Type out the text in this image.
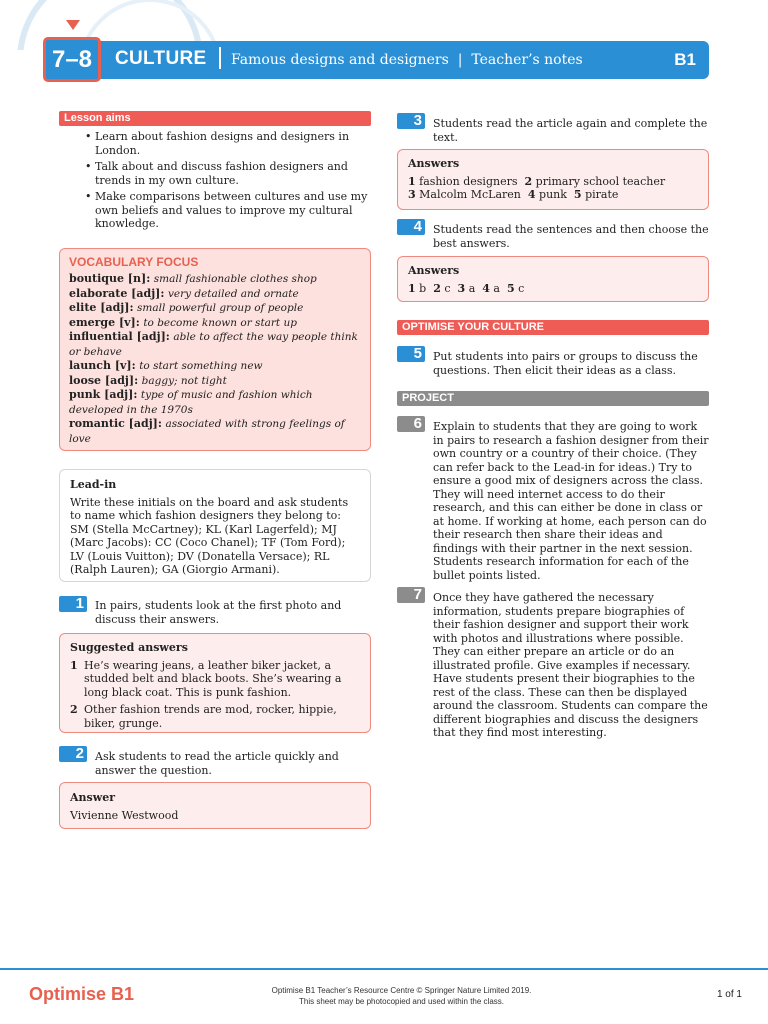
7–8	CULTURE Famous designs and designers  |  Teacher’s notes	B1
Lesson aims
• Learn about fashion designs and designers in London.
• Talk about and discuss fashion designers and trends in my own culture.
• Make comparisons between cultures and use my own beliefs and values to improve my cultural knowledge.
VOCABULARY FOCUS
boutique [n]: small fashionable clothes shop
elaborate [adj]: very detailed and ornate
elite [adj]: small powerful group of people
emerge [v]: to become known or start up
influential [adj]: able to affect the way people think or behave
launch [v]: to start something new
loose [adj]: baggy; not tight
punk [adj]: type of music and fashion which developed in the 1970s
romantic [adj]: associated with strong feelings of love
Lead-in
Write these initials on the board and ask students to name which fashion designers they belong to: SM (Stella McCartney); KL (Karl Lagerfeld); MJ (Marc Jacobs): CC (Coco Chanel); TF (Tom Ford); LV (Louis Vuitton); DV (Donatella Versace); RL (Ralph Lauren); GA (Giorgio Armani).
1 In pairs, students look at the first photo and discuss their answers.
Suggested answers
1 He’s wearing jeans, a leather biker jacket, a studded belt and black boots. She’s wearing a long black coat. This is punk fashion.
2 Other fashion trends are mod, rocker, hippie, biker, grunge.
2 Ask students to read the article quickly and answer the question.
Answer
Vivienne Westwood
3 Students read the article again and complete the text.
Answers
1 fashion designers 2 primary school teacher
3 Malcolm McLaren 4 punk 5 pirate
4 Students read the sentences and then choose the best answers.
Answers
1 b 2 c 3 a 4 a 5 c
OPTIMISE YOUR CULTURE
5 Put students into pairs or groups to discuss the questions. Then elicit their ideas as a class.
PROJECT
6 Explain to students that they are going to work in pairs to research a fashion designer from their own country or a country of their choice. (They can refer back to the Lead-in for ideas.) Try to ensure a good mix of designers across the class. They will need internet access to do their research, and this can either be done in class or at home. If working at home, each person can do their research then share their ideas and findings with their partner in the next session. Students research information for each of the bullet points listed.
7 Once they have gathered the necessary information, students prepare biographies of their fashion designer and support their work with photos and illustrations where possible. They can either prepare an article or do an illustrated profile. Give examples if necessary. Have students present their biographies to the rest of the class. These can then be displayed around the classroom. Students can compare the different biographies and discuss the designers that they find most interesting.
Optimise B1	Optimise B1 Teacher’s Resource Centre © Springer Nature Limited 2019.
This sheet may be photocopied and used within the class.
1 of 1
